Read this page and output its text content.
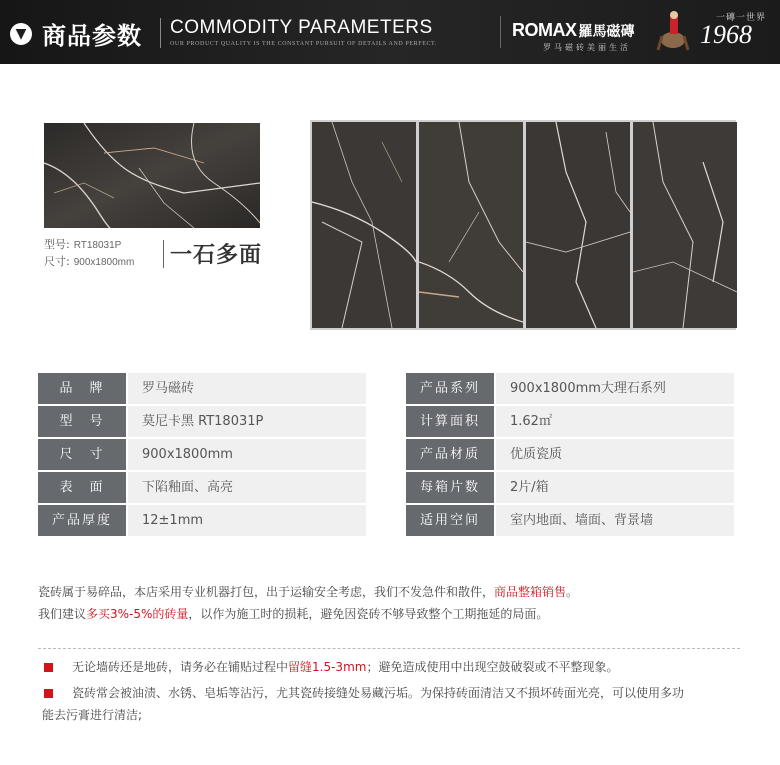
▼ 商品参数 COMMODITY PARAMETERS
OUR PRODUCT QUALITY IS THE CONSTANT PURSUIT OF DETAILS AND PERFECT.
ROMAX 羅馬磁磚
罗马磁砖美丽生活
一磚一世界
1968
型号: RT18031P
尺寸: 900x1800mm 一石多面
品　牌	罗马磁砖
型　号	莫尼卡黑 RT18031P
尺　寸	900x1800mm
表　面	下陷釉面、高亮
产品厚度	12±1mm
产品系列	900x1800mm大理石系列
计算面积	1.62㎡
产品材质	优质瓷质
每箱片数	2片/箱
适用空间	室内地面、墙面、背景墙
瓷砖属于易碎品，本店采用专业机器打包，出于运输安全考虑，我们不发急件和散件，商品整箱销售。
我们建议多买3%-5%的砖量，以作为施工时的损耗，避免因瓷砖不够导致整个工期拖延的局面。
无论墙砖还是地砖，请务必在铺贴过程中留缝1.5-3mm；避免造成使用中出现空鼓破裂或不平整现象。
瓷砖常会被油渍、水锈、皂垢等沾污，尤其瓷砖接缝处易藏污垢。为保持砖面清洁又不损坏砖面光亮，可以使用多功
能去污膏进行清洁;
